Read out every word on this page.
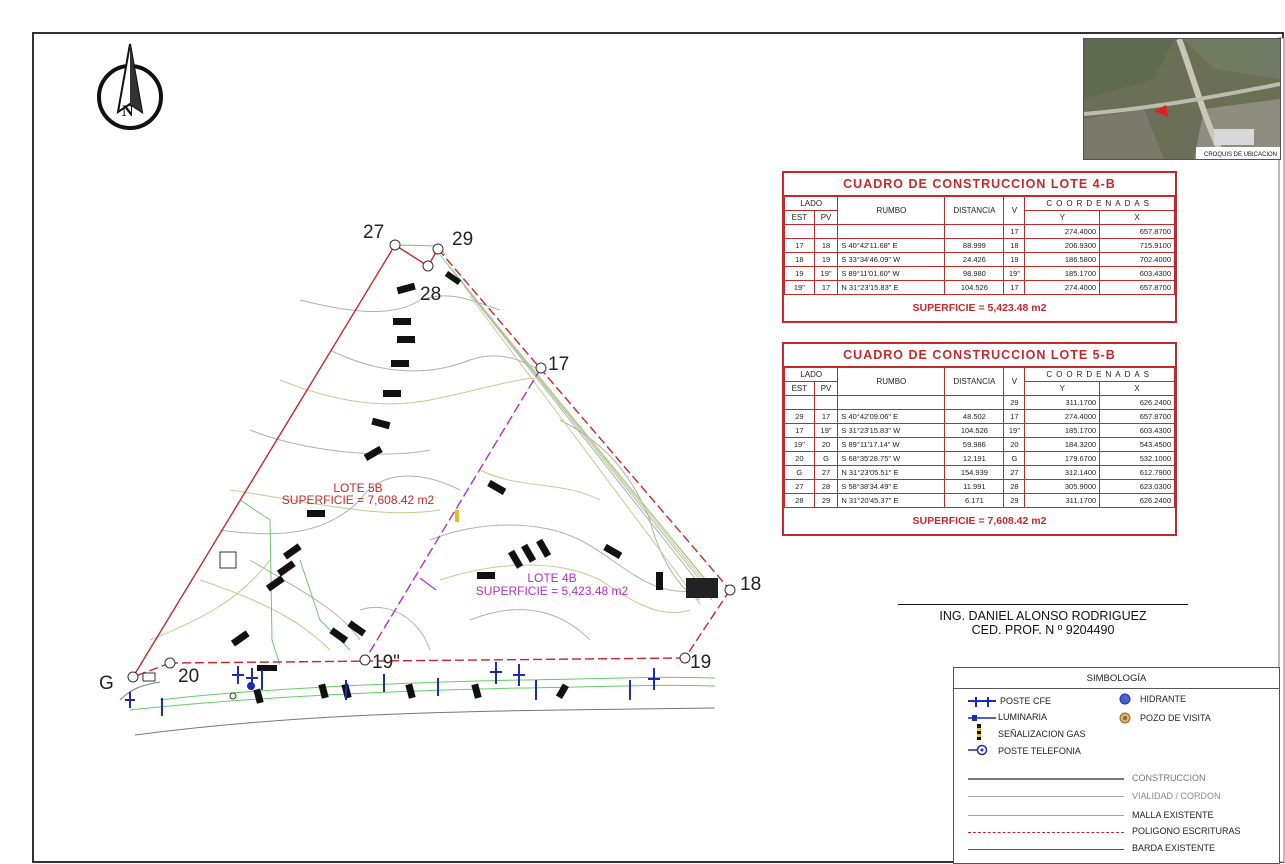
27	29
28
17
18
G	20
19"	19
LOTE 5B
SUPERFICIE = 7,608.42 m2
LOTE 4B
SUPERFICIE = 5,423.48 m2
CROQUIS DE UBICACION
CUADRO DE CONSTRUCCION LOTE 4-B
LADO		RUMBO	DISTANCIA	V	COORDENADAS	
EST	PV				Y	X
				17	274.4000	657.8700
17	18	S 40°42'11.68" E	88.999	18	206.9300	715.9100
18	19	S 33°34'46.09" W	24.426	19	186.5800	702.4000
19	19"	S 89°11'01.60" W	98.980	19"	185.1700	603.4300
19"	17	N 31°23'15.83" E	104.526	17	274.4000	657.8700
SUPERFICIE = 5,423.48 m2
CUADRO DE CONSTRUCCION LOTE 5-B
LADO		RUMBO	DISTANCIA	V	COORDENADAS	
EST	PV				Y	X
				29	311.1700	626.2400
29	17	S 40°42'09.06" E	48.502	17	274.4000	657.8700
17	19"	S 31°23'15.83" W	104.526	19"	185.1700	603.4300
19"	20	S 89°11'17.14" W	59.986	20	184.3200	543.4500
20	G	S 68°35'28.75" W	12.191	G	179.6700	532.1000
G	27	N 31°23'05.51" E	154.939	27	312.1400	612.7900
27	28	S 58°38'34.49" E	11.991	28	305.9000	623.0300
28	29	N 31°20'45.37" E	6.171	29	311.1700	626.2400
SUPERFICIE = 7,608.42 m2
ING. DANIEL ALONSO RODRIGUEZ
CED. PROF. N º 9204490
SIMBOLOGÍA
POSTE CFE
LUMINARIA
SEÑALIZACION GAS
POSTE TELEFONIA
HIDRANTE
POZO DE VISITA
CONSTRUCCION
VIALIDAD / CORDON
MALLA EXISTENTE
POLIGONO ESCRITURAS
BARDA EXISTENTE
N
